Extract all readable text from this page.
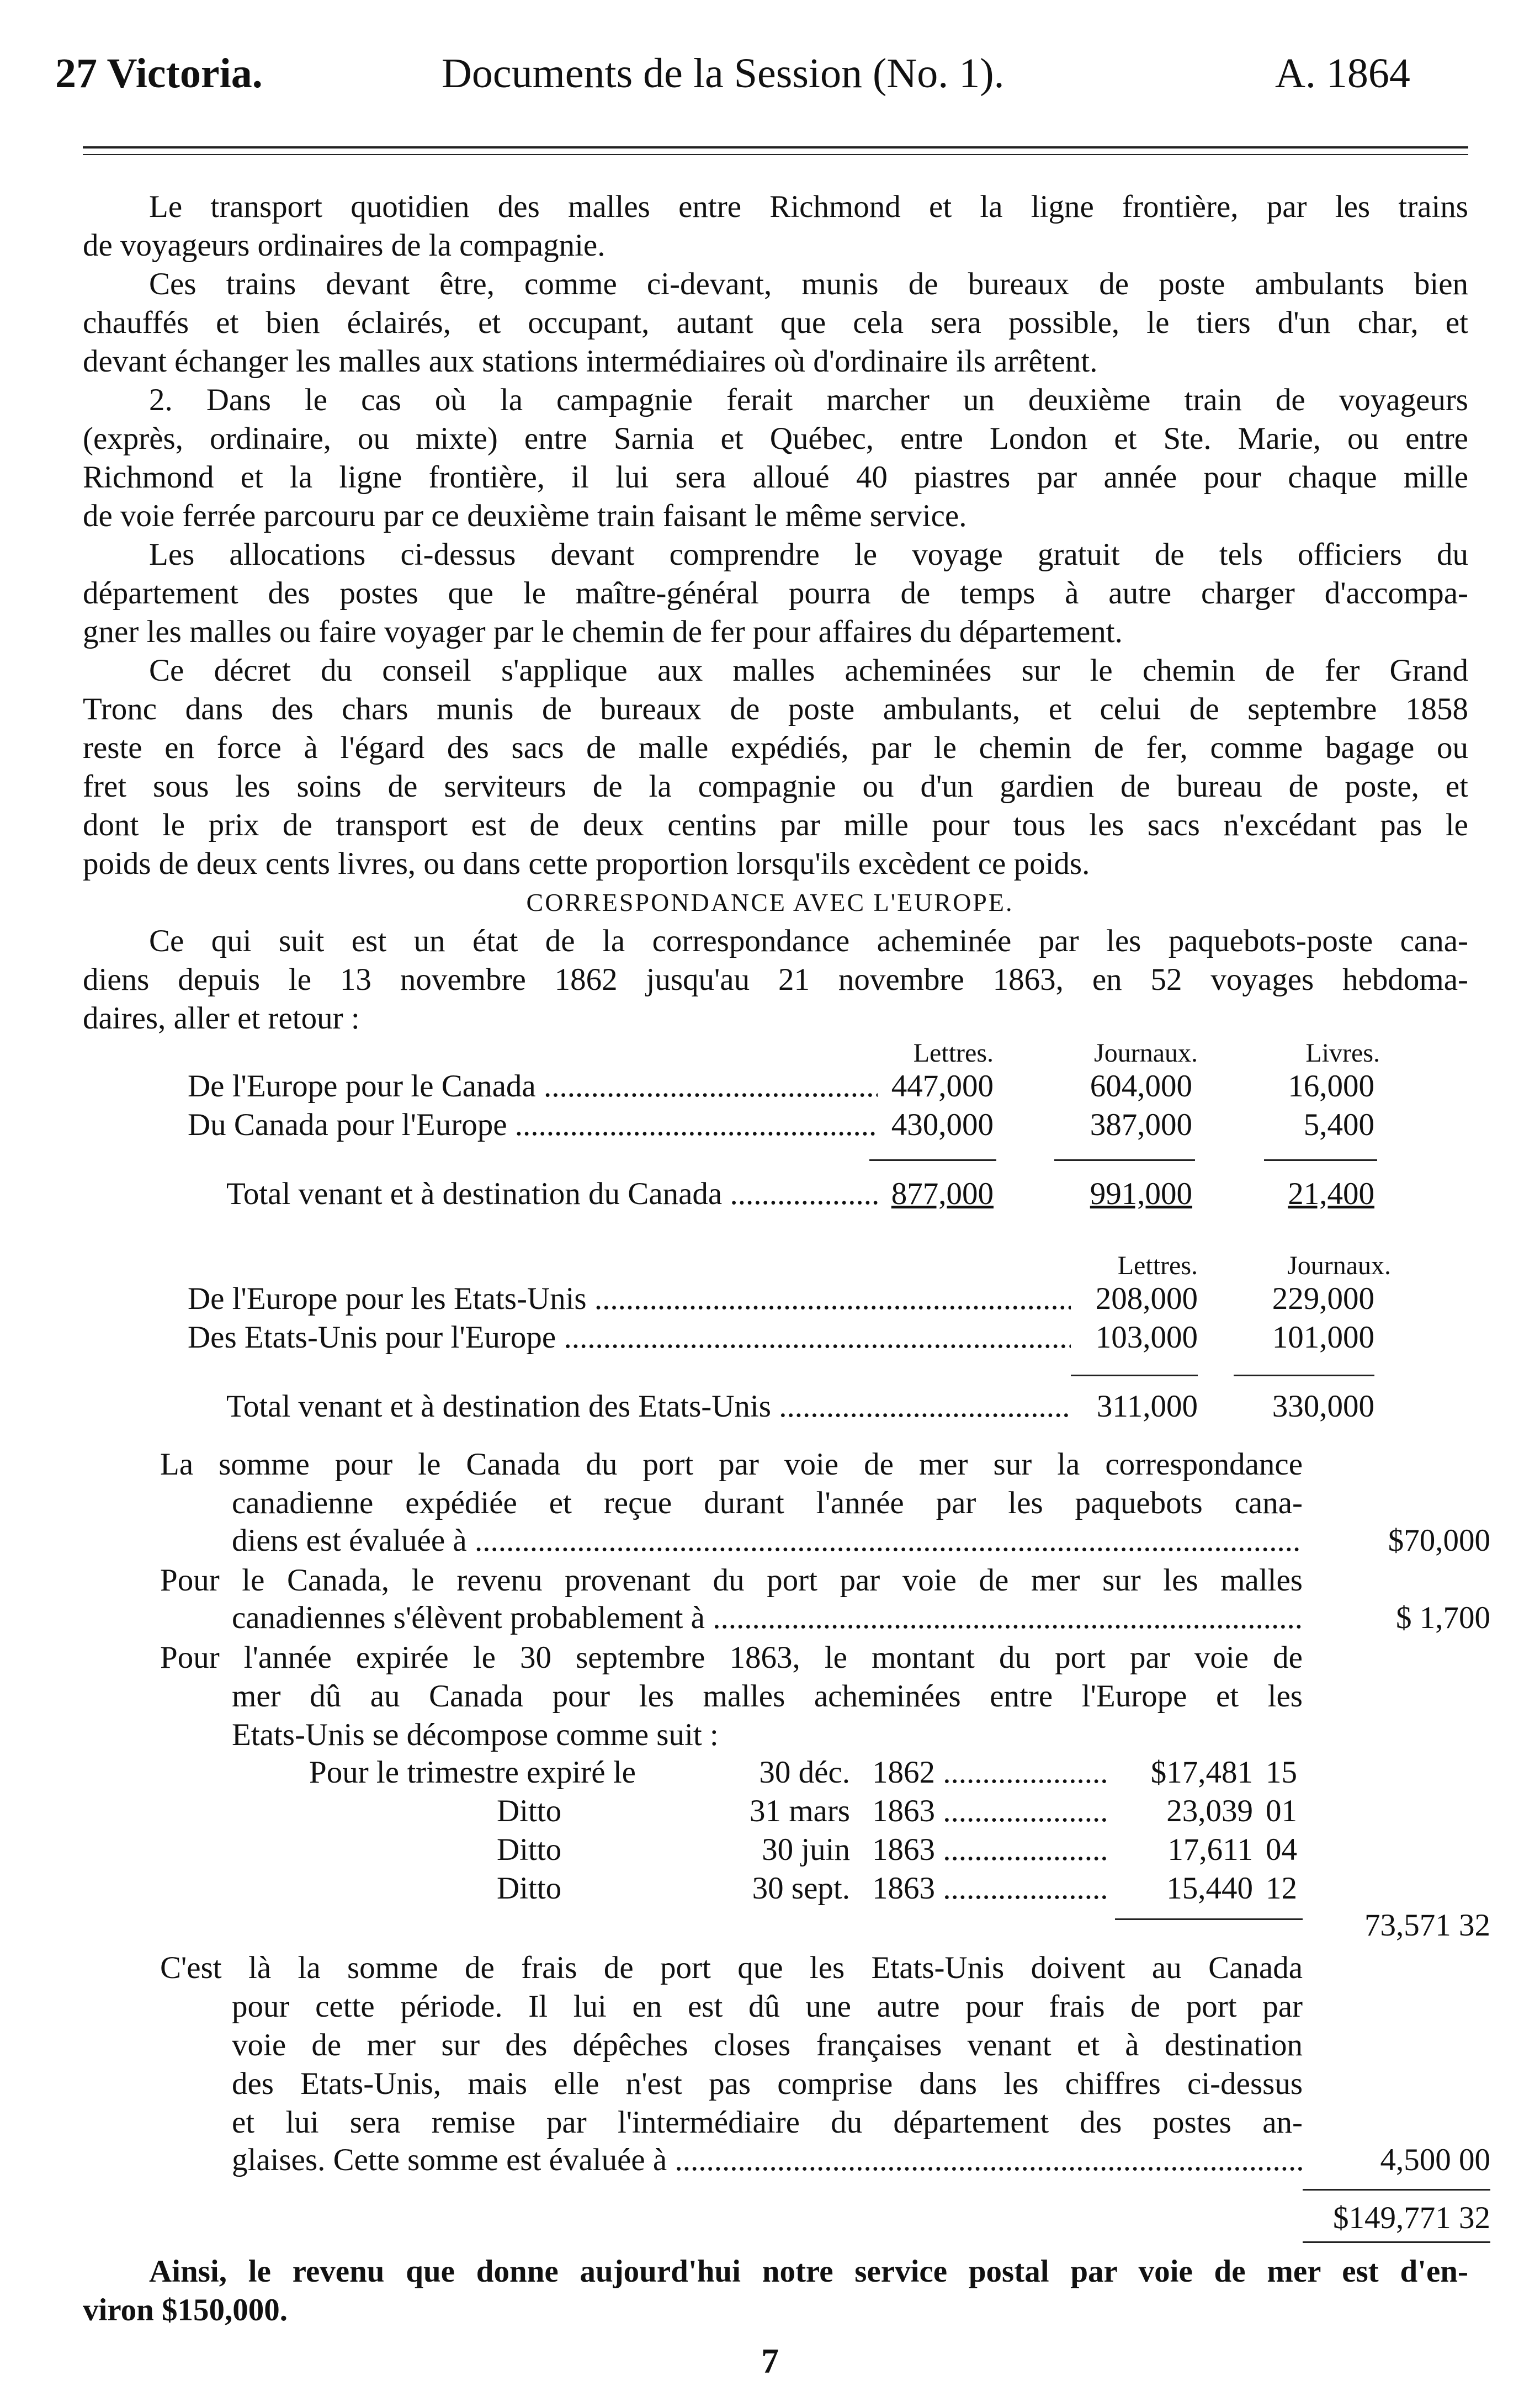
27 Victoria.	Documents de la Session (No. 1).	A. 1864
Le transport quotidien des malles entre Richmond et la ligne frontière, par les trains
de voyageurs ordinaires de la compagnie.
Ces trains devant être, comme ci-devant, munis de bureaux de poste ambulants bien
chauffés et bien éclairés, et occupant, autant que cela sera possible, le tiers d'un char, et
devant échanger les malles aux stations intermédiaires où d'ordinaire ils arrêtent.
2. Dans le cas où la campagnie ferait marcher un deuxième train de voyageurs
(exprès, ordinaire, ou mixte) entre Sarnia et Québec, entre London et Ste. Marie, ou entre
Richmond et la ligne frontière, il lui sera alloué 40 piastres par année pour chaque mille
de voie ferrée parcouru par ce deuxième train faisant le même service.
Les allocations ci-dessus devant comprendre le voyage gratuit de tels officiers du
département des postes que le maître-général pourra de temps à autre charger d'accompa-
gner les malles ou faire voyager par le chemin de fer pour affaires du département.
Ce décret du conseil s'applique aux malles acheminées sur le chemin de fer Grand
Tronc dans des chars munis de bureaux de poste ambulants, et celui de septembre 1858
reste en force à l'égard des sacs de malle expédiés, par le chemin de fer, comme bagage ou
fret sous les soins de serviteurs de la compagnie ou d'un gardien de bureau de poste, et
dont le prix de transport est de deux centins par mille pour tous les sacs n'excédant pas le
poids de deux cents livres, ou dans cette proportion lorsqu'ils excèdent ce poids.
CORRESPONDANCE AVEC L'EUROPE.
Ce qui suit est un état de la correspondance acheminée par les paquebots-poste cana-
diens depuis le 13 novembre 1862 jusqu'au 21 novembre 1863, en 52 voyages hebdoma-
daires, aller et retour :
Lettres.	Journaux.	Livres.
De l'Europe pour le Canada .....	447,000	604,000	16,000
Du Canada pour l'Europe .....	430,000	387,000	5,400
Total venant et à destination du Canada .....	877,000	991,000	21,400
Lettres.	Journaux.
De l'Europe pour les Etats-Unis .....	208,000	229,000
Des Etats-Unis pour l'Europe .....	103,000	101,000
Total venant et à destination des Etats-Unis .....	311,000	330,000
La somme pour le Canada du port par voie de mer sur la correspondance
canadienne expédiée et reçue durant l'année par les paquebots cana-
diens est évaluée à .....	$70,000
Pour le Canada, le revenu provenant du port par voie de mer sur les malles
canadiennes s'élèvent probablement à .....	$ 1,700
Pour l'année expirée le 30 septembre 1863, le montant du port par voie de
mer dû au Canada pour les malles acheminées entre l'Europe et les
Etats-Unis se décompose comme suit :
Pour le trimestre expiré le	30 déc. 1862 .....	$17,481 15
Ditto	31 mars 1863 .....	23,039 01
Ditto	30 juin 1863 .....	17,611 04
Ditto	30 sept. 1863 .....	15,440 12
73,571 32
C'est là la somme de frais de port que les Etats-Unis doivent au Canada
pour cette période. Il lui en est dû une autre pour frais de port par
voie de mer sur des dépêches closes françaises venant et à destination
des Etats-Unis, mais elle n'est pas comprise dans les chiffres ci-dessus
et lui sera remise par l'intermédiaire du département des postes an-
glaises. Cette somme est évaluée à .....	4,500 00
$149,771 32
Ainsi, le revenu que donne aujourd'hui notre service postal par voie de mer est d'en-
viron $150,000.
7
